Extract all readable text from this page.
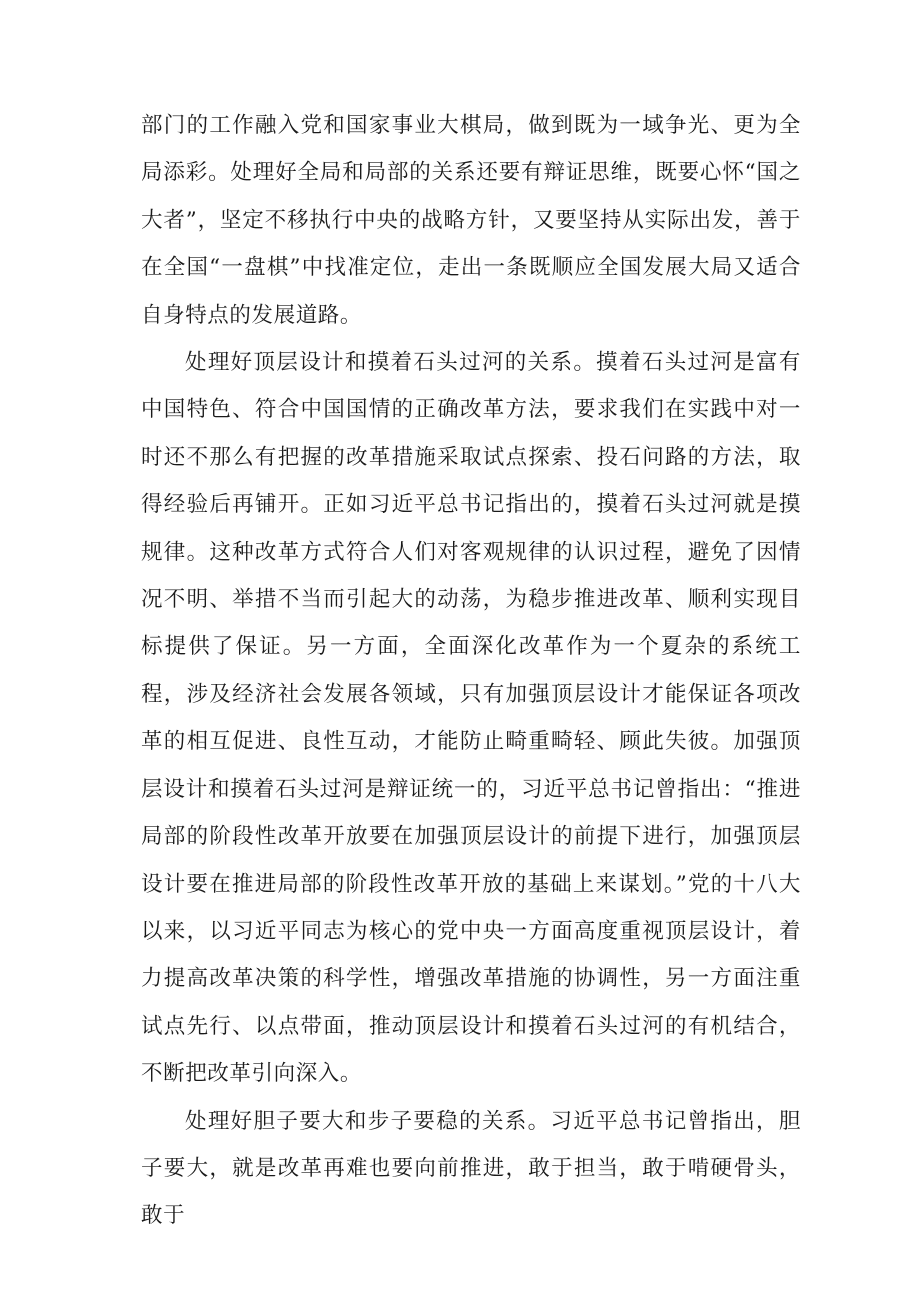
部门的工作融入党和国家事业大棋局，做到既为一域争光、更为全局添彩。处理好全局和局部的关系还要有辩证思维，既要心怀“国之大者”，坚定不移执行中央的战略方针，又要坚持从实际出发，善于在全国“一盘棋”中找准定位，走出一条既顺应全国发展大局又适合自身特点的发展道路。

处理好顶层设计和摸着石头过河的关系。摸着石头过河是富有中国特色、符合中国国情的正确改革方法，要求我们在实践中对一时还不那么有把握的改革措施采取试点探索、投石问路的方法，取得经验后再铺开。正如习近平总书记指出的，摸着石头过河就是摸规律。这种改革方式符合人们对客观规律的认识过程，避免了因情况不明、举措不当而引起大的动荡，为稳步推进改革、顺利实现目标提供了保证。另一方面，全面深化改革作为一个夏杂的系统工程，涉及经济社会发展各领域，只有加强顶层设计才能保证各项改革的相互促进、良性互动，才能防止畸重畸轻、顾此失彼。加强顶层设计和摸着石头过河是辩证统一的，习近平总书记曾指出：“推进局部的阶段性改革开放要在加强顶层设计的前提下进行，加强顶层设计要在推进局部的阶段性改革开放的基础上来谋划。”党的十八大以来，以习近平同志为核心的党中央一方面高度重视顶层设计，着力提高改革决策的科学性，增强改革措施的协调性，另一方面注重试点先行、以点带面，推动顶层设计和摸着石头过河的有机结合，不断把改革引向深入。

处理好胆子要大和步子要稳的关系。习近平总书记曾指出，胆子要大，就是改革再难也要向前推进，敢于担当，敢于啃硬骨头，敢于
